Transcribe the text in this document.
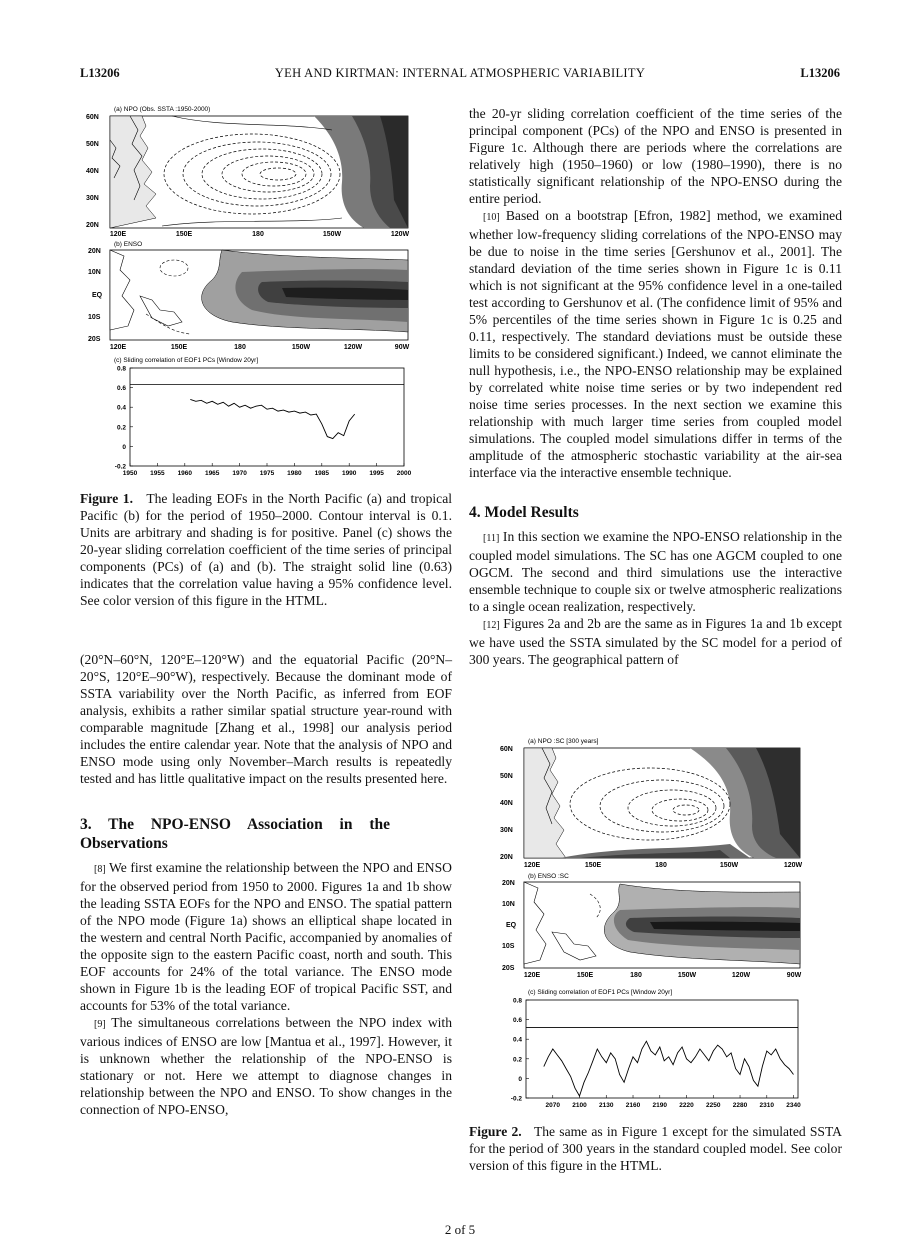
L13206	YEH AND KIRTMAN: INTERNAL ATMOSPHERIC VARIABILITY	L13206
(a) NPO (Obs. SSTA :1950-2000)
60N
50N
40N
30N
20N
120E	150E	180	150W	120W
(b) ENSO
20N
10N
EQ
10S
20S
120E	150E	180	150W	120W	90W
(c) Sliding correlation of EOF1 PCs [Window 20yr]
0.8
0.6
0.4
0.2
0
-0.2
1950 1955 1960 1965 1970 1975 1980 1985 1990 1995 2000

Figure 1. The leading EOFs in the North Pacific (a) and tropical Pacific (b) for the period of 1950–2000. Contour interval is 0.1. Units are arbitrary and shading is for positive. Panel (c) shows the 20-year sliding correlation coefficient of the time series of principal components (PCs) of (a) and (b). The straight solid line (0.63) indicates that the correlation value having a 95% confidence level. See color version of this figure in the HTML.

(20°N–60°N, 120°E–120°W) and the equatorial Pacific (20°N–20°S, 120°E–90°W), respectively. Because the dominant mode of SSTA variability over the North Pacific, as inferred from EOF analysis, exhibits a rather similar spatial structure year-round with comparable magnitude [Zhang et al., 1998] our analysis period includes the entire calendar year. Note that the analysis of NPO and ENSO mode using only November–March results is repeatedly tested and has little qualitative impact on the results presented here.

3. The NPO-ENSO Association in the Observations

[8] We first examine the relationship between the NPO and ENSO for the observed period from 1950 to 2000. Figures 1a and 1b show the leading SSTA EOFs for the NPO and ENSO. The spatial pattern of the NPO mode (Figure 1a) shows an elliptical shape located in the western and central North Pacific, accompanied by anomalies of the opposite sign to the eastern Pacific coast, north and south. This EOF accounts for 24% of the total variance. The ENSO mode shown in Figure 1b is the leading EOF of tropical Pacific SST, and accounts for 53% of the total variance.

[9] The simultaneous correlations between the NPO index with various indices of ENSO are low [Mantua et al., 1997]. However, it is unknown whether the relationship of the NPO-ENSO is stationary or not. Here we attempt to diagnose changes in relationship between the NPO and ENSO. To show changes in the connection of NPO-ENSO,

the 20-yr sliding correlation coefficient of the time series of the principal component (PCs) of the NPO and ENSO is presented in Figure 1c. Although there are periods where the correlations are relatively high (1950–1960) or low (1980–1990), there is no statistically significant relationship of the NPO-ENSO during the entire period.

[10] Based on a bootstrap [Efron, 1982] method, we examined whether low-frequency sliding correlations of the NPO-ENSO may be due to noise in the time series [Gershunov et al., 2001]. The standard deviation of the time series shown in Figure 1c is 0.11 which is not significant at the 95% confidence level in a one-tailed test according to Gershunov et al. (The confidence limit of 95% and 5% percentiles of the time series shown in Figure 1c is 0.25 and 0.11, respectively. The standard deviations must be outside these limits to be considered significant.) Indeed, we cannot eliminate the null hypothesis, i.e., the NPO-ENSO relationship may be explained by correlated white noise time series or by two independent red noise time series processes. In the next section we examine this relationship with much larger time series from coupled model simulations. The coupled model simulations differ in terms of the amplitude of the atmospheric stochastic variability at the air-sea interface via the interactive ensemble technique.

4. Model Results

[11] In this section we examine the NPO-ENSO relationship in the coupled model simulations. The SC has one AGCM coupled to one OGCM. The second and third simulations use the interactive ensemble technique to couple six or twelve atmospheric realizations to a single ocean realization, respectively.

[12] Figures 2a and 2b are the same as in Figures 1a and 1b except we have used the SSTA simulated by the SC model for a period of 300 years. The geographical pattern of

(a) NPO :SC [300 years]
60N
50N
40N
30N
20N
120E	150E	180	150W	120W
(b) ENSO :SC
20N
10N
EQ
10S
20S
120E	150E	180	150W	120W	90W
(c) Sliding correlation of EOF1 PCs [Window 20yr]
0.8
0.6
0.4
0.2
0
-0.2
2070 2100 2130 2160 2190 2220 2250 2280 2310 2340

Figure 2. The same as in Figure 1 except for the simulated SSTA for the period of 300 years in the standard coupled model. See color version of this figure in the HTML.

2 of 5
